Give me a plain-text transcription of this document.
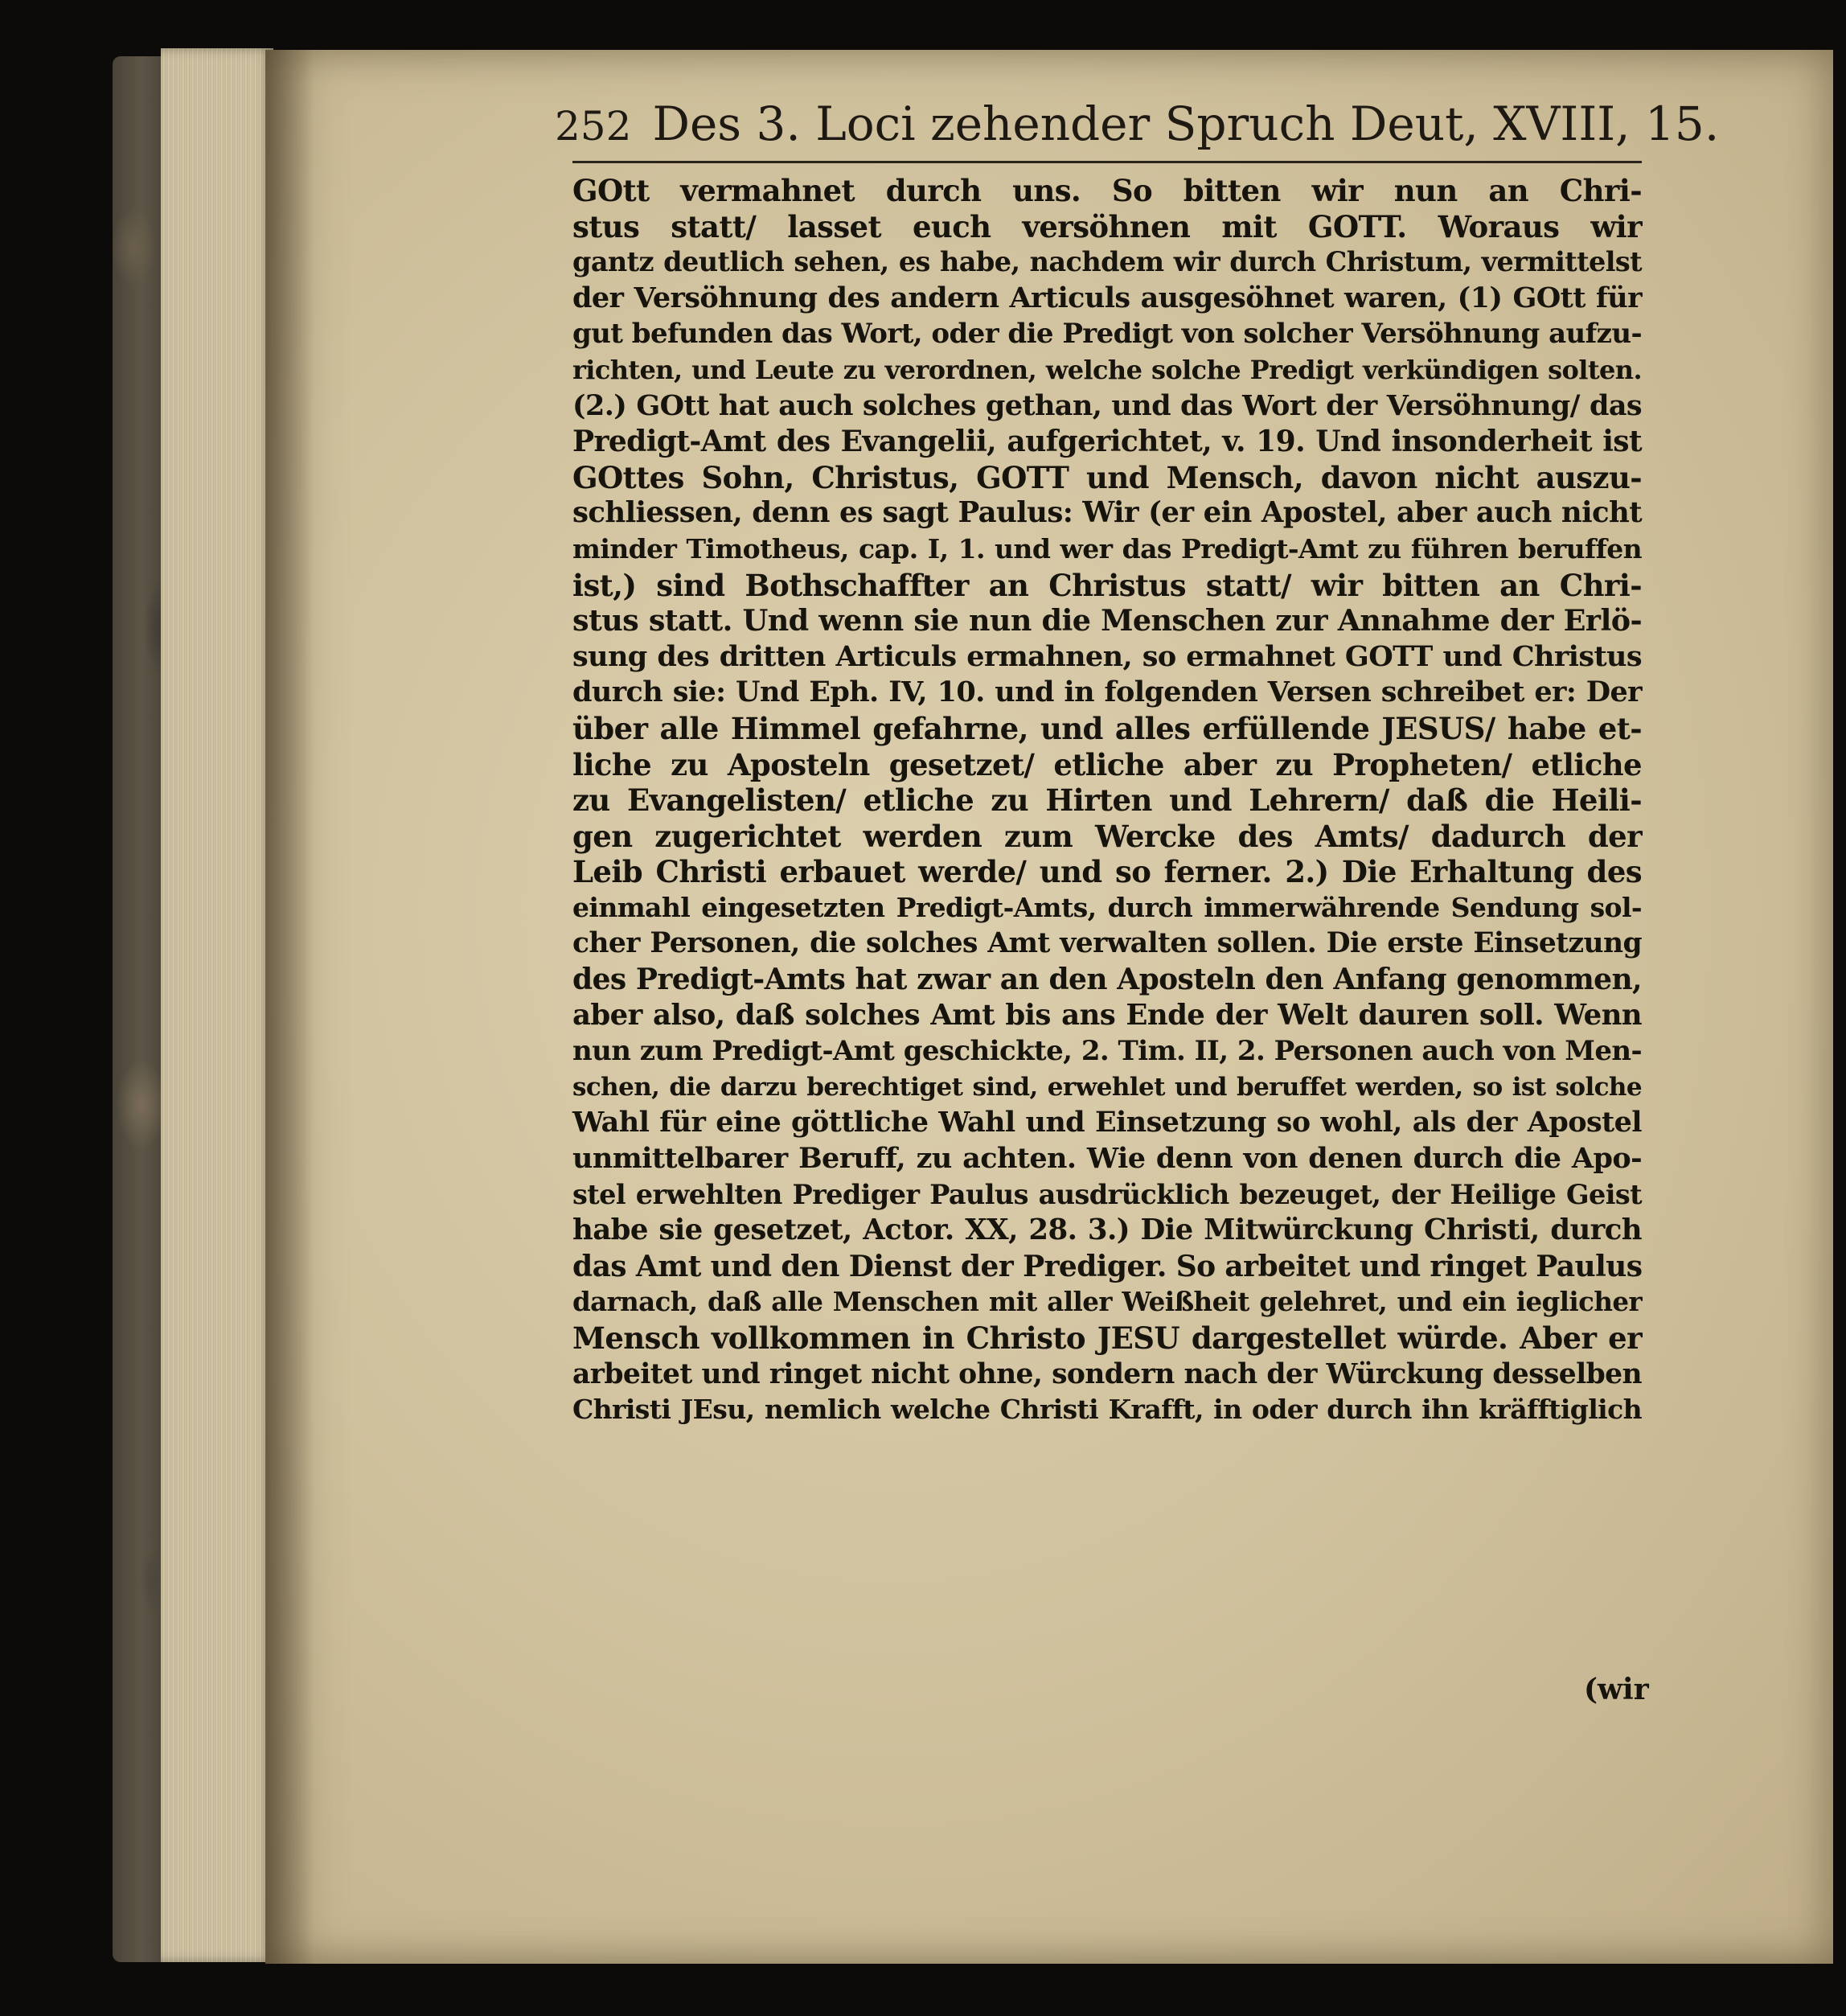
252 Des 3. Loci zehender Spruch Deut, XVIII, 15.
GOtt vermahnet durch uns. So bitten wir nun an Chri-
stus statt/ lasset euch versöhnen mit GOTT. Woraus wir
gantz deutlich sehen, es habe, nachdem wir durch Christum, vermittelst
der Versöhnung des andern Articuls ausgesöhnet waren, (1) GOtt für
gut befunden das Wort, oder die Predigt von solcher Versöhnung aufzu-
richten, und Leute zu verordnen, welche solche Predigt verkündigen solten.
(2.) GOtt hat auch solches gethan, und das Wort der Versöhnung/ das
Predigt-Amt des Evangelii, aufgerichtet, v. 19. Und insonderheit ist
GOttes Sohn, Christus, GOTT und Mensch, davon nicht auszu-
schliessen, denn es sagt Paulus: Wir (er ein Apostel, aber auch nicht
minder Timotheus, cap. I, 1. und wer das Predigt-Amt zu führen beruffen
ist,) sind Bothschaffter an Christus statt/ wir bitten an Chri-
stus statt. Und wenn sie nun die Menschen zur Annahme der Erlö-
sung des dritten Articuls ermahnen, so ermahnet GOTT und Christus
durch sie: Und Eph. IV, 10. und in folgenden Versen schreibet er: Der
über alle Himmel gefahrne, und alles erfüllende JESUS/ habe et-
liche zu Aposteln gesetzet/ etliche aber zu Propheten/ etliche
zu Evangelisten/ etliche zu Hirten und Lehrern/ daß die Heili-
gen zugerichtet werden zum Wercke des Amts/ dadurch der
Leib Christi erbauet werde/ und so ferner. 2.) Die Erhaltung des
einmahl eingesetzten Predigt-Amts, durch immerwährende Sendung sol-
cher Personen, die solches Amt verwalten sollen. Die erste Einsetzung
des Predigt-Amts hat zwar an den Aposteln den Anfang genommen,
aber also, daß solches Amt bis ans Ende der Welt dauren soll. Wenn
nun zum Predigt-Amt geschickte, 2. Tim. II, 2. Personen auch von Men-
schen, die darzu berechtiget sind, erwehlet und beruffet werden, so ist solche
Wahl für eine göttliche Wahl und Einsetzung so wohl, als der Apostel
unmittelbarer Beruff, zu achten. Wie denn von denen durch die Apo-
stel erwehlten Prediger Paulus ausdrücklich bezeuget, der Heilige Geist
habe sie gesetzet, Actor. XX, 28. 3.) Die Mitwürckung Christi, durch
das Amt und den Dienst der Prediger. So arbeitet und ringet Paulus
darnach, daß alle Menschen mit aller Weißheit gelehret, und ein ieglicher
Mensch vollkommen in Christo JESU dargestellet würde. Aber er
arbeitet und ringet nicht ohne, sondern nach der Würckung desselben
Christi JEsu, nemlich welche Christi Krafft, in oder durch ihn kräfftiglich
(wir
